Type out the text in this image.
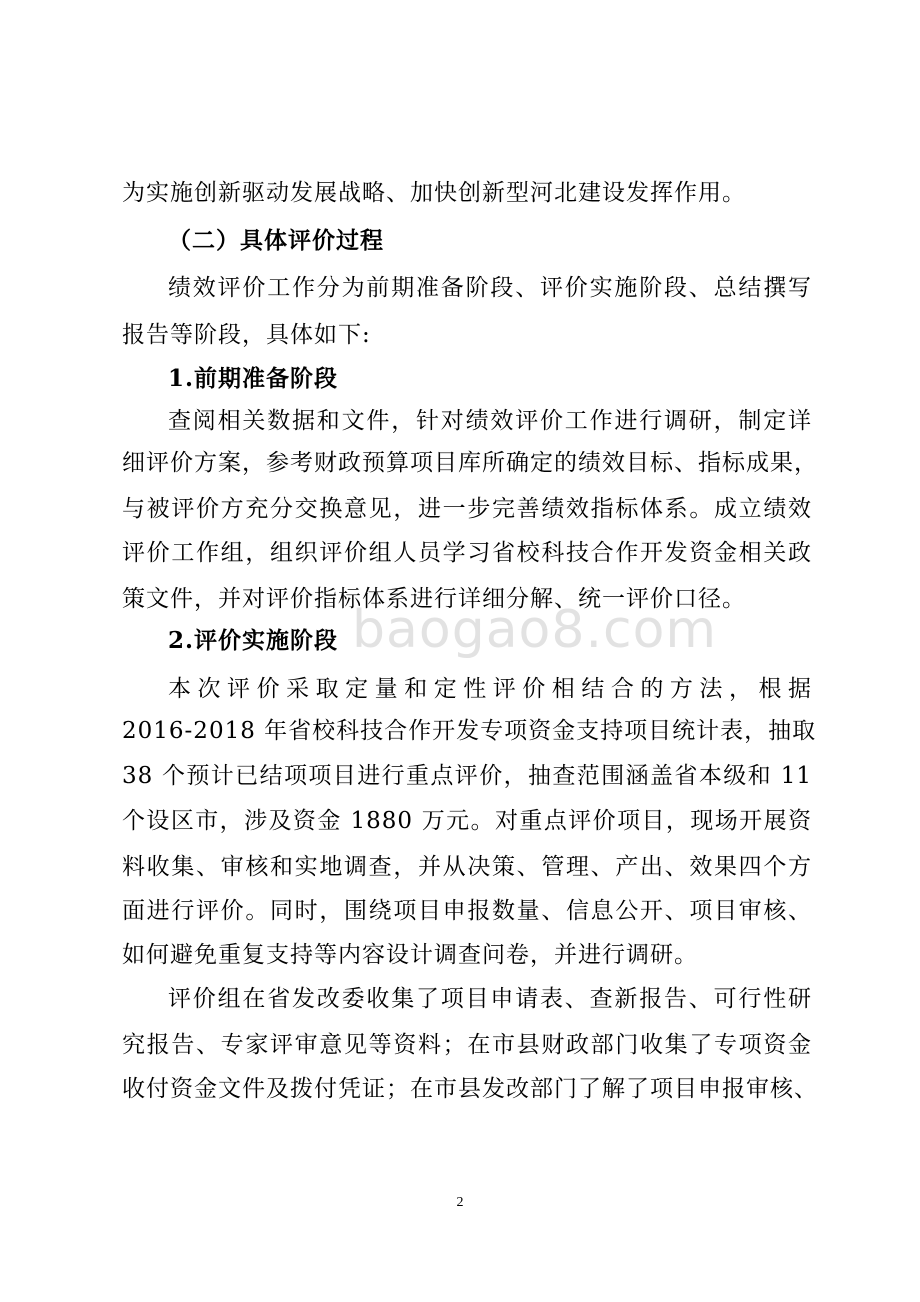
baogao8.com
为实施创新驱动发展战略、加快创新型河北建设发挥作用。
（二）具体评价过程
绩效评价工作分为前期准备阶段、评价实施阶段、总结撰写
报告等阶段，具体如下:
1.前期准备阶段
查阅相关数据和文件，针对绩效评价工作进行调研，制定详
细评价方案，参考财政预算项目库所确定的绩效目标、指标成果，
与被评价方充分交换意见，进一步完善绩效指标体系。成立绩效
评价工作组，组织评价组人员学习省校科技合作开发资金相关政
策文件，并对评价指标体系进行详细分解、统一评价口径。
2.评价实施阶段
本次评价采取定量和定性评价相结合的方法，根据
2016-2018 年省校科技合作开发专项资金支持项目统计表，抽取
38 个预计已结项项目进行重点评价，抽查范围涵盖省本级和 11
个设区市，涉及资金 1880 万元。对重点评价项目，现场开展资
料收集、审核和实地调查，并从决策、管理、产出、效果四个方
面进行评价。同时，围绕项目申报数量、信息公开、项目审核、
如何避免重复支持等内容设计调查问卷，并进行调研。
评价组在省发改委收集了项目申请表、查新报告、可行性研
究报告、专家评审意见等资料；在市县财政部门收集了专项资金
收付资金文件及拨付凭证；在市县发改部门了解了项目申报审核、
2
